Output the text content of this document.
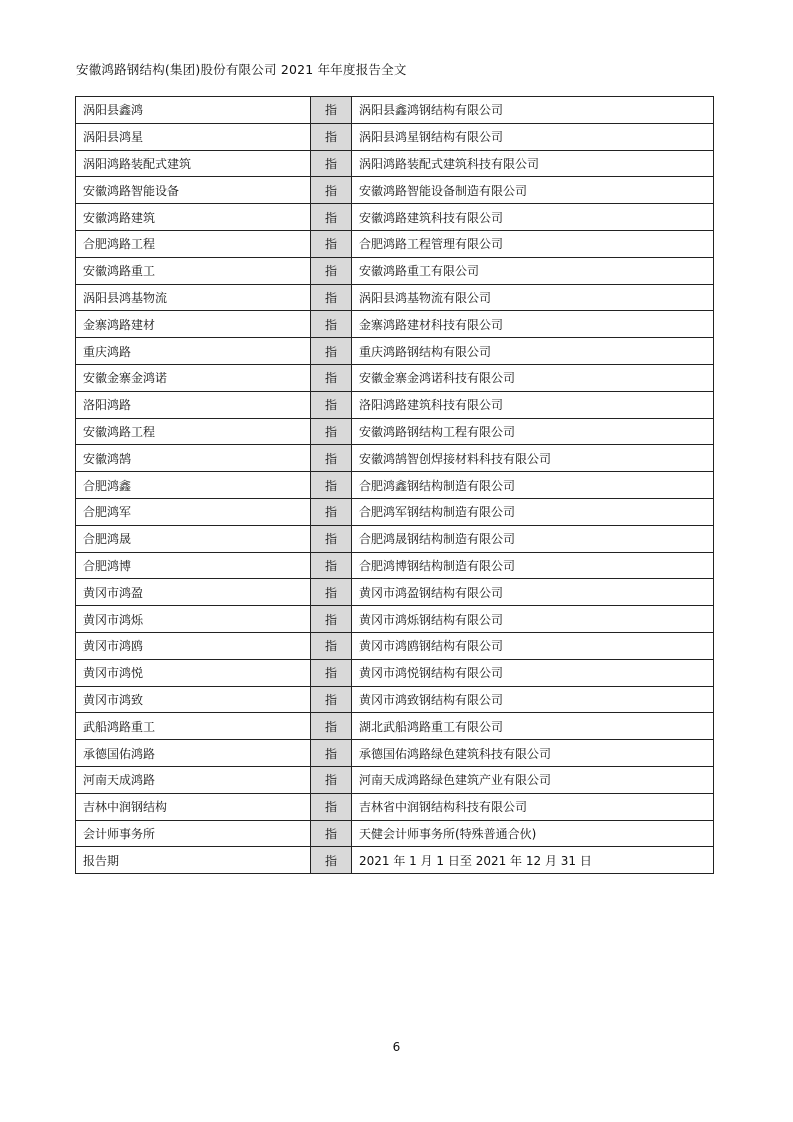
安徽鸿路钢结构(集团)股份有限公司 2021 年年度报告全文
涡阳县鑫鸿	指	涡阳县鑫鸿钢结构有限公司
涡阳县鸿星	指	涡阳县鸿星钢结构有限公司
涡阳鸿路装配式建筑	指	涡阳鸿路装配式建筑科技有限公司
安徽鸿路智能设备	指	安徽鸿路智能设备制造有限公司
安徽鸿路建筑	指	安徽鸿路建筑科技有限公司
合肥鸿路工程	指	合肥鸿路工程管理有限公司
安徽鸿路重工	指	安徽鸿路重工有限公司
涡阳县鸿基物流	指	涡阳县鸿基物流有限公司
金寨鸿路建材	指	金寨鸿路建材科技有限公司
重庆鸿路	指	重庆鸿路钢结构有限公司
安徽金寨金鸿诺	指	安徽金寨金鸿诺科技有限公司
洛阳鸿路	指	洛阳鸿路建筑科技有限公司
安徽鸿路工程	指	安徽鸿路钢结构工程有限公司
安徽鸿鹄	指	安徽鸿鹄智创焊接材料科技有限公司
合肥鸿鑫	指	合肥鸿鑫钢结构制造有限公司
合肥鸿军	指	合肥鸿军钢结构制造有限公司
合肥鸿晟	指	合肥鸿晟钢结构制造有限公司
合肥鸿博	指	合肥鸿博钢结构制造有限公司
黄冈市鸿盈	指	黄冈市鸿盈钢结构有限公司
黄冈市鸿烁	指	黄冈市鸿烁钢结构有限公司
黄冈市鸿鸥	指	黄冈市鸿鸥钢结构有限公司
黄冈市鸿悦	指	黄冈市鸿悦钢结构有限公司
黄冈市鸿致	指	黄冈市鸿致钢结构有限公司
武船鸿路重工	指	湖北武船鸿路重工有限公司
承德国佑鸿路	指	承德国佑鸿路绿色建筑科技有限公司
河南天成鸿路	指	河南天成鸿路绿色建筑产业有限公司
吉林中润钢结构	指	吉林省中润钢结构科技有限公司
会计师事务所	指	天健会计师事务所(特殊普通合伙)
报告期	指	2021 年 1 月 1 日至 2021 年 12 月 31 日
6
